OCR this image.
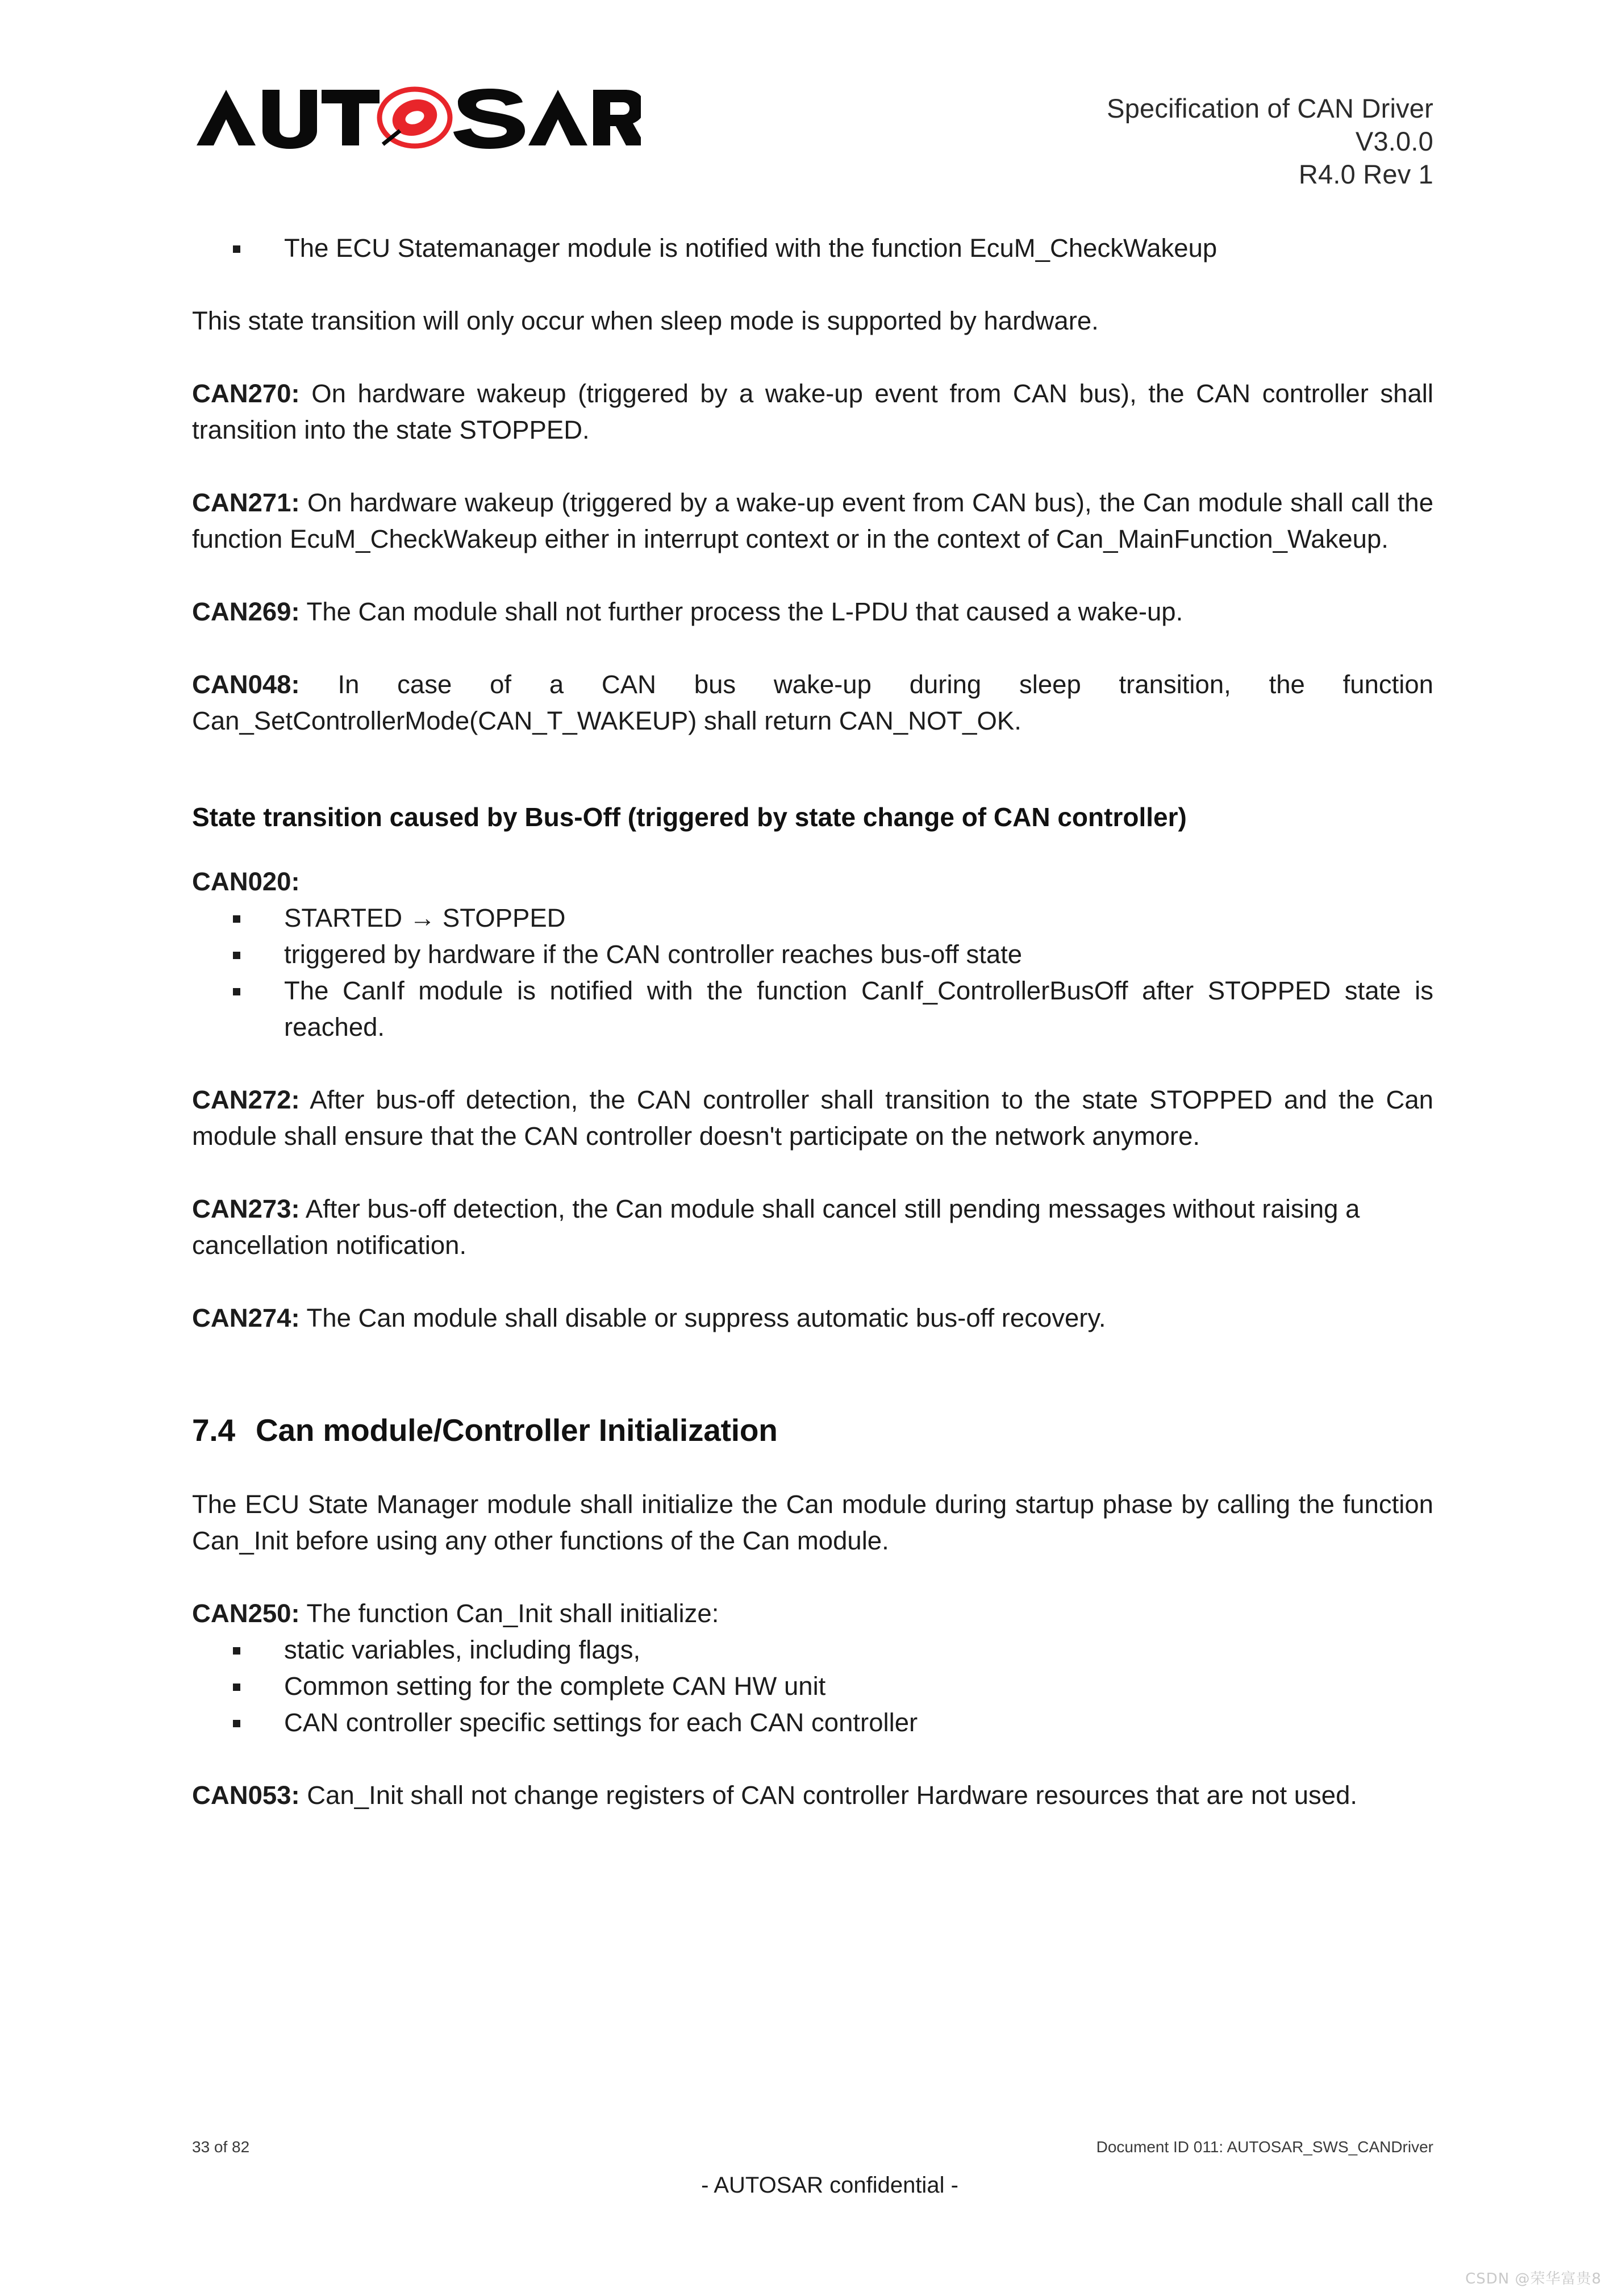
Specification of CAN Driver
V3.0.0
R4.0 Rev 1
The ECU Statemanager module is notified with the function EcuM_CheckWakeup

This state transition will only occur when sleep mode is supported by hardware.

CAN270: On hardware wakeup (triggered by a wake-up event from CAN bus), the CAN controller shall transition into the state STOPPED.

CAN271: On hardware wakeup (triggered by a wake-up event from CAN bus), the Can module shall call the function EcuM_CheckWakeup either in interrupt context or in the context of Can_MainFunction_Wakeup.

CAN269: The Can module shall not further process the L-PDU that caused a wake-up.

CAN048: In case of a CAN bus wake-up during sleep transition, the function Can_SetControllerMode(CAN_T_WAKEUP) shall return CAN_NOT_OK.

State transition caused by Bus-Off (triggered by state change of CAN controller)

CAN020:

STARTED → STOPPED
triggered by hardware if the CAN controller reaches bus-off state
The CanIf module is notified with the function CanIf_ControllerBusOff after STOPPED state is reached.

CAN272: After bus-off detection, the CAN controller shall transition to the state STOPPED and the Can module shall ensure that the CAN controller doesn't participate on the network anymore.

CAN273: After bus-off detection, the Can module shall cancel still pending messages without raising a cancellation notification.

CAN274: The Can module shall disable or suppress automatic bus-off recovery.

7.4 Can module/Controller Initialization

The ECU State Manager module shall initialize the Can module during startup phase by calling the function Can_Init before using any other functions of the Can module.

CAN250: The function Can_Init shall initialize:

static variables, including flags,
Common setting for the complete CAN HW unit
CAN controller specific settings for each CAN controller

CAN053: Can_Init shall not change registers of CAN controller Hardware resources that are not used.

33 of 82	Document ID 011: AUTOSAR_SWS_CANDriver
- AUTOSAR confidential -
CSDN @荣华富贵8
